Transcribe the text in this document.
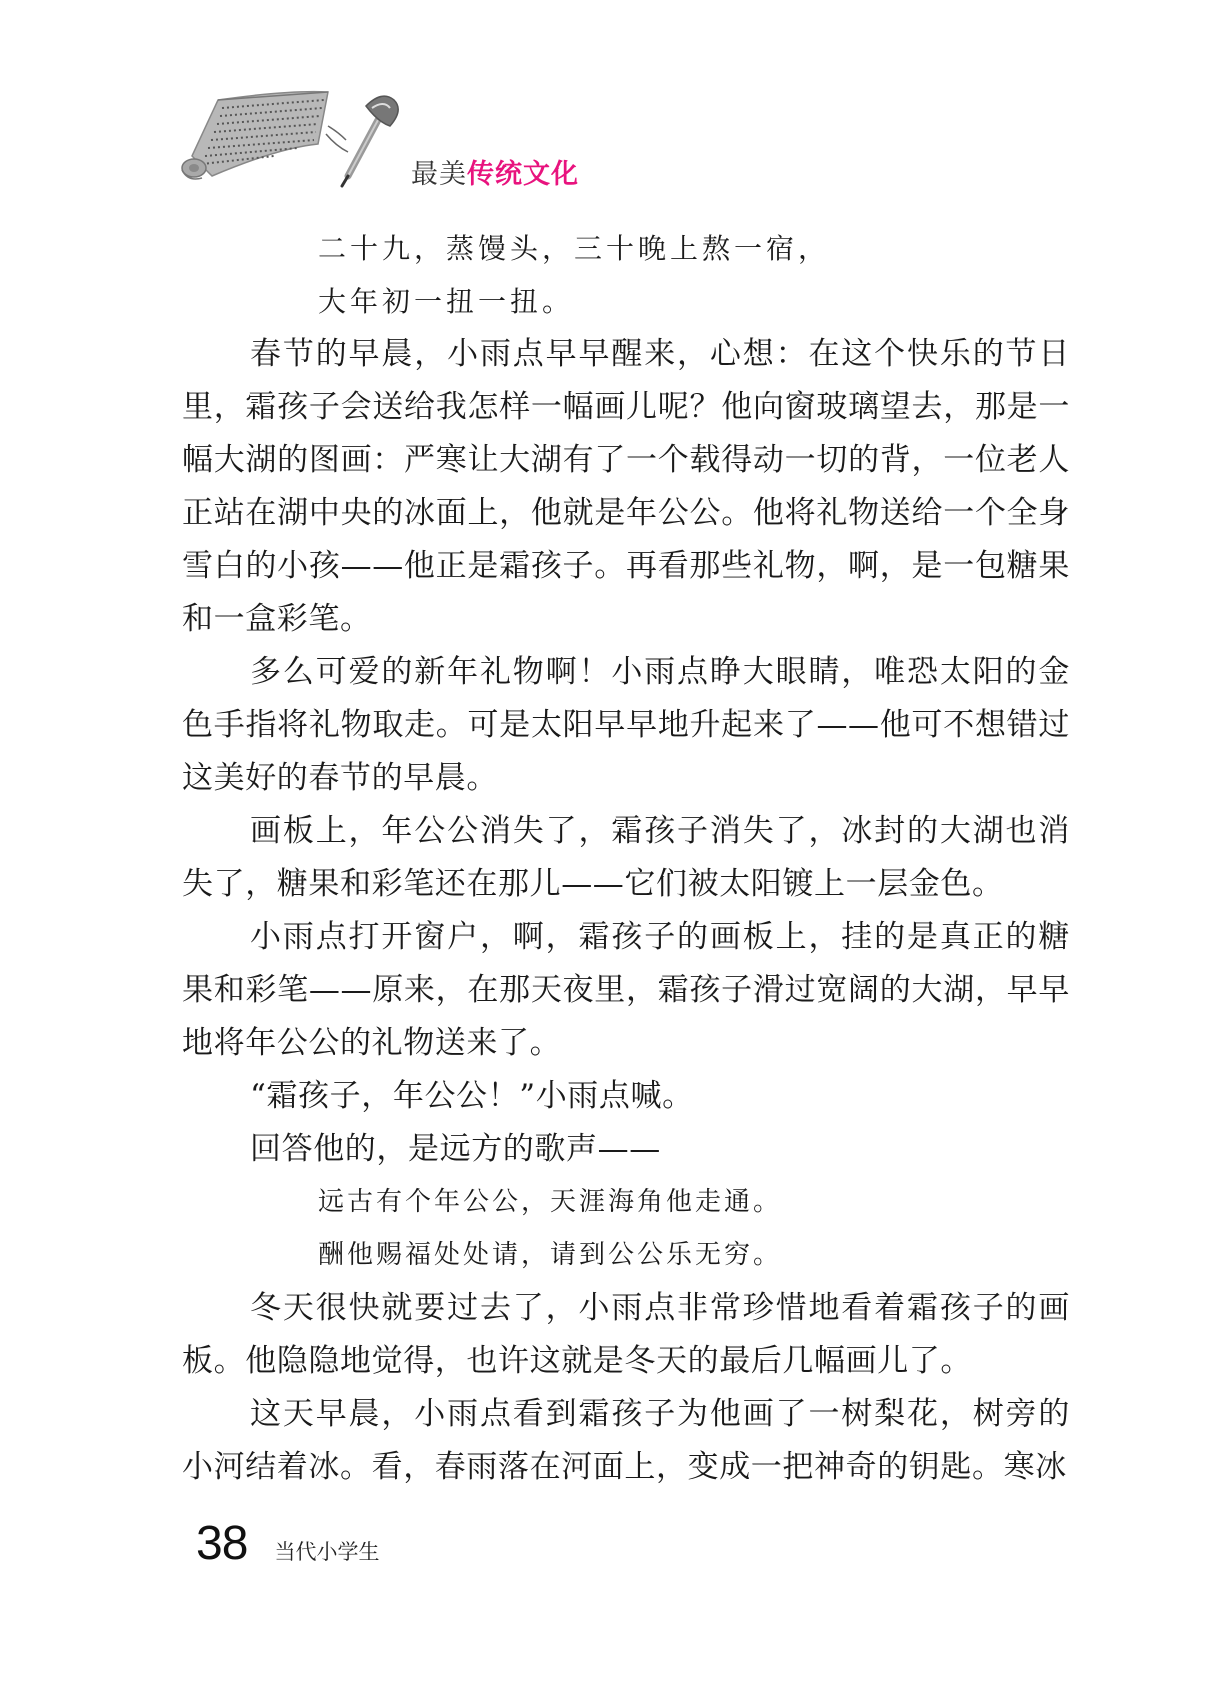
最美传统文化
二十九，蒸馒头，三十晚上熬一宿，
大年初一扭一扭。

春节的早晨，小雨点早早醒来，心想：在这个快乐的节日里，霜孩子会送给我怎样一幅画儿呢？他向窗玻璃望去，那是一幅大湖的图画：严寒让大湖有了一个载得动一切的背，一位老人正站在湖中央的冰面上，他就是年公公。他将礼物送给一个全身雪白的小孩——他正是霜孩子。再看那些礼物，啊，是一包糖果和一盒彩笔。

多么可爱的新年礼物啊！小雨点睁大眼睛，唯恐太阳的金色手指将礼物取走。可是太阳早早地升起来了——他可不想错过这美好的春节的早晨。

画板上，年公公消失了，霜孩子消失了，冰封的大湖也消失了，糖果和彩笔还在那儿——它们被太阳镀上一层金色。

小雨点打开窗户，啊，霜孩子的画板上，挂的是真正的糖果和彩笔——原来，在那天夜里，霜孩子滑过宽阔的大湖，早早地将年公公的礼物送来了。

“霜孩子，年公公！”小雨点喊。

回答他的，是远方的歌声——

远古有个年公公，天涯海角他走通。
酬他赐福处处请，请到公公乐无穷。

冬天很快就要过去了，小雨点非常珍惜地看着霜孩子的画板。他隐隐地觉得，也许这就是冬天的最后几幅画儿了。

这天早晨，小雨点看到霜孩子为他画了一树梨花，树旁的小河结着冰。看，春雨落在河面上，变成一把神奇的钥匙。寒冰

38 当代小学生
